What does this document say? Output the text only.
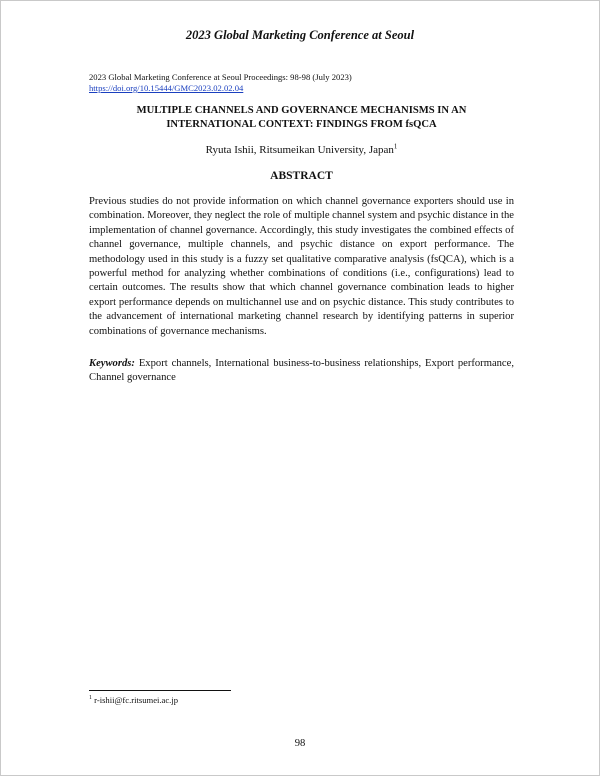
2023 Global Marketing Conference at Seoul
2023 Global Marketing Conference at Seoul Proceedings: 98-98 (July 2023)
https://doi.org/10.15444/GMC2023.02.02.04
MULTIPLE CHANNELS AND GOVERNANCE MECHANISMS IN AN
INTERNATIONAL CONTEXT: FINDINGS FROM fsQCA
Ryuta Ishii, Ritsumeikan University, Japan$^1$
ABSTRACT

Previous studies do not provide information on which channel governance exporters should use in combination. Moreover, they neglect the role of multiple channel system and psychic distance in the implementation of channel governance. Accordingly, this study investigates the combined effects of channel governance, multiple channels, and psychic distance on export performance. The methodology used in this study is a fuzzy set qualitative comparative analysis (fsQCA), which is a powerful method for analyzing whether combinations of conditions (i.e., configurations) lead to certain outcomes. The results show that which channel governance combination leads to higher export performance depends on multichannel use and on psychic distance. This study contributes to the advancement of international marketing channel research by identifying patterns in superior combinations of governance mechanisms.

Keywords: Export channels, International business-to-business relationships, Export performance, Channel governance

$^1$ r-ishii@fc.ritsumei.ac.jp
98
